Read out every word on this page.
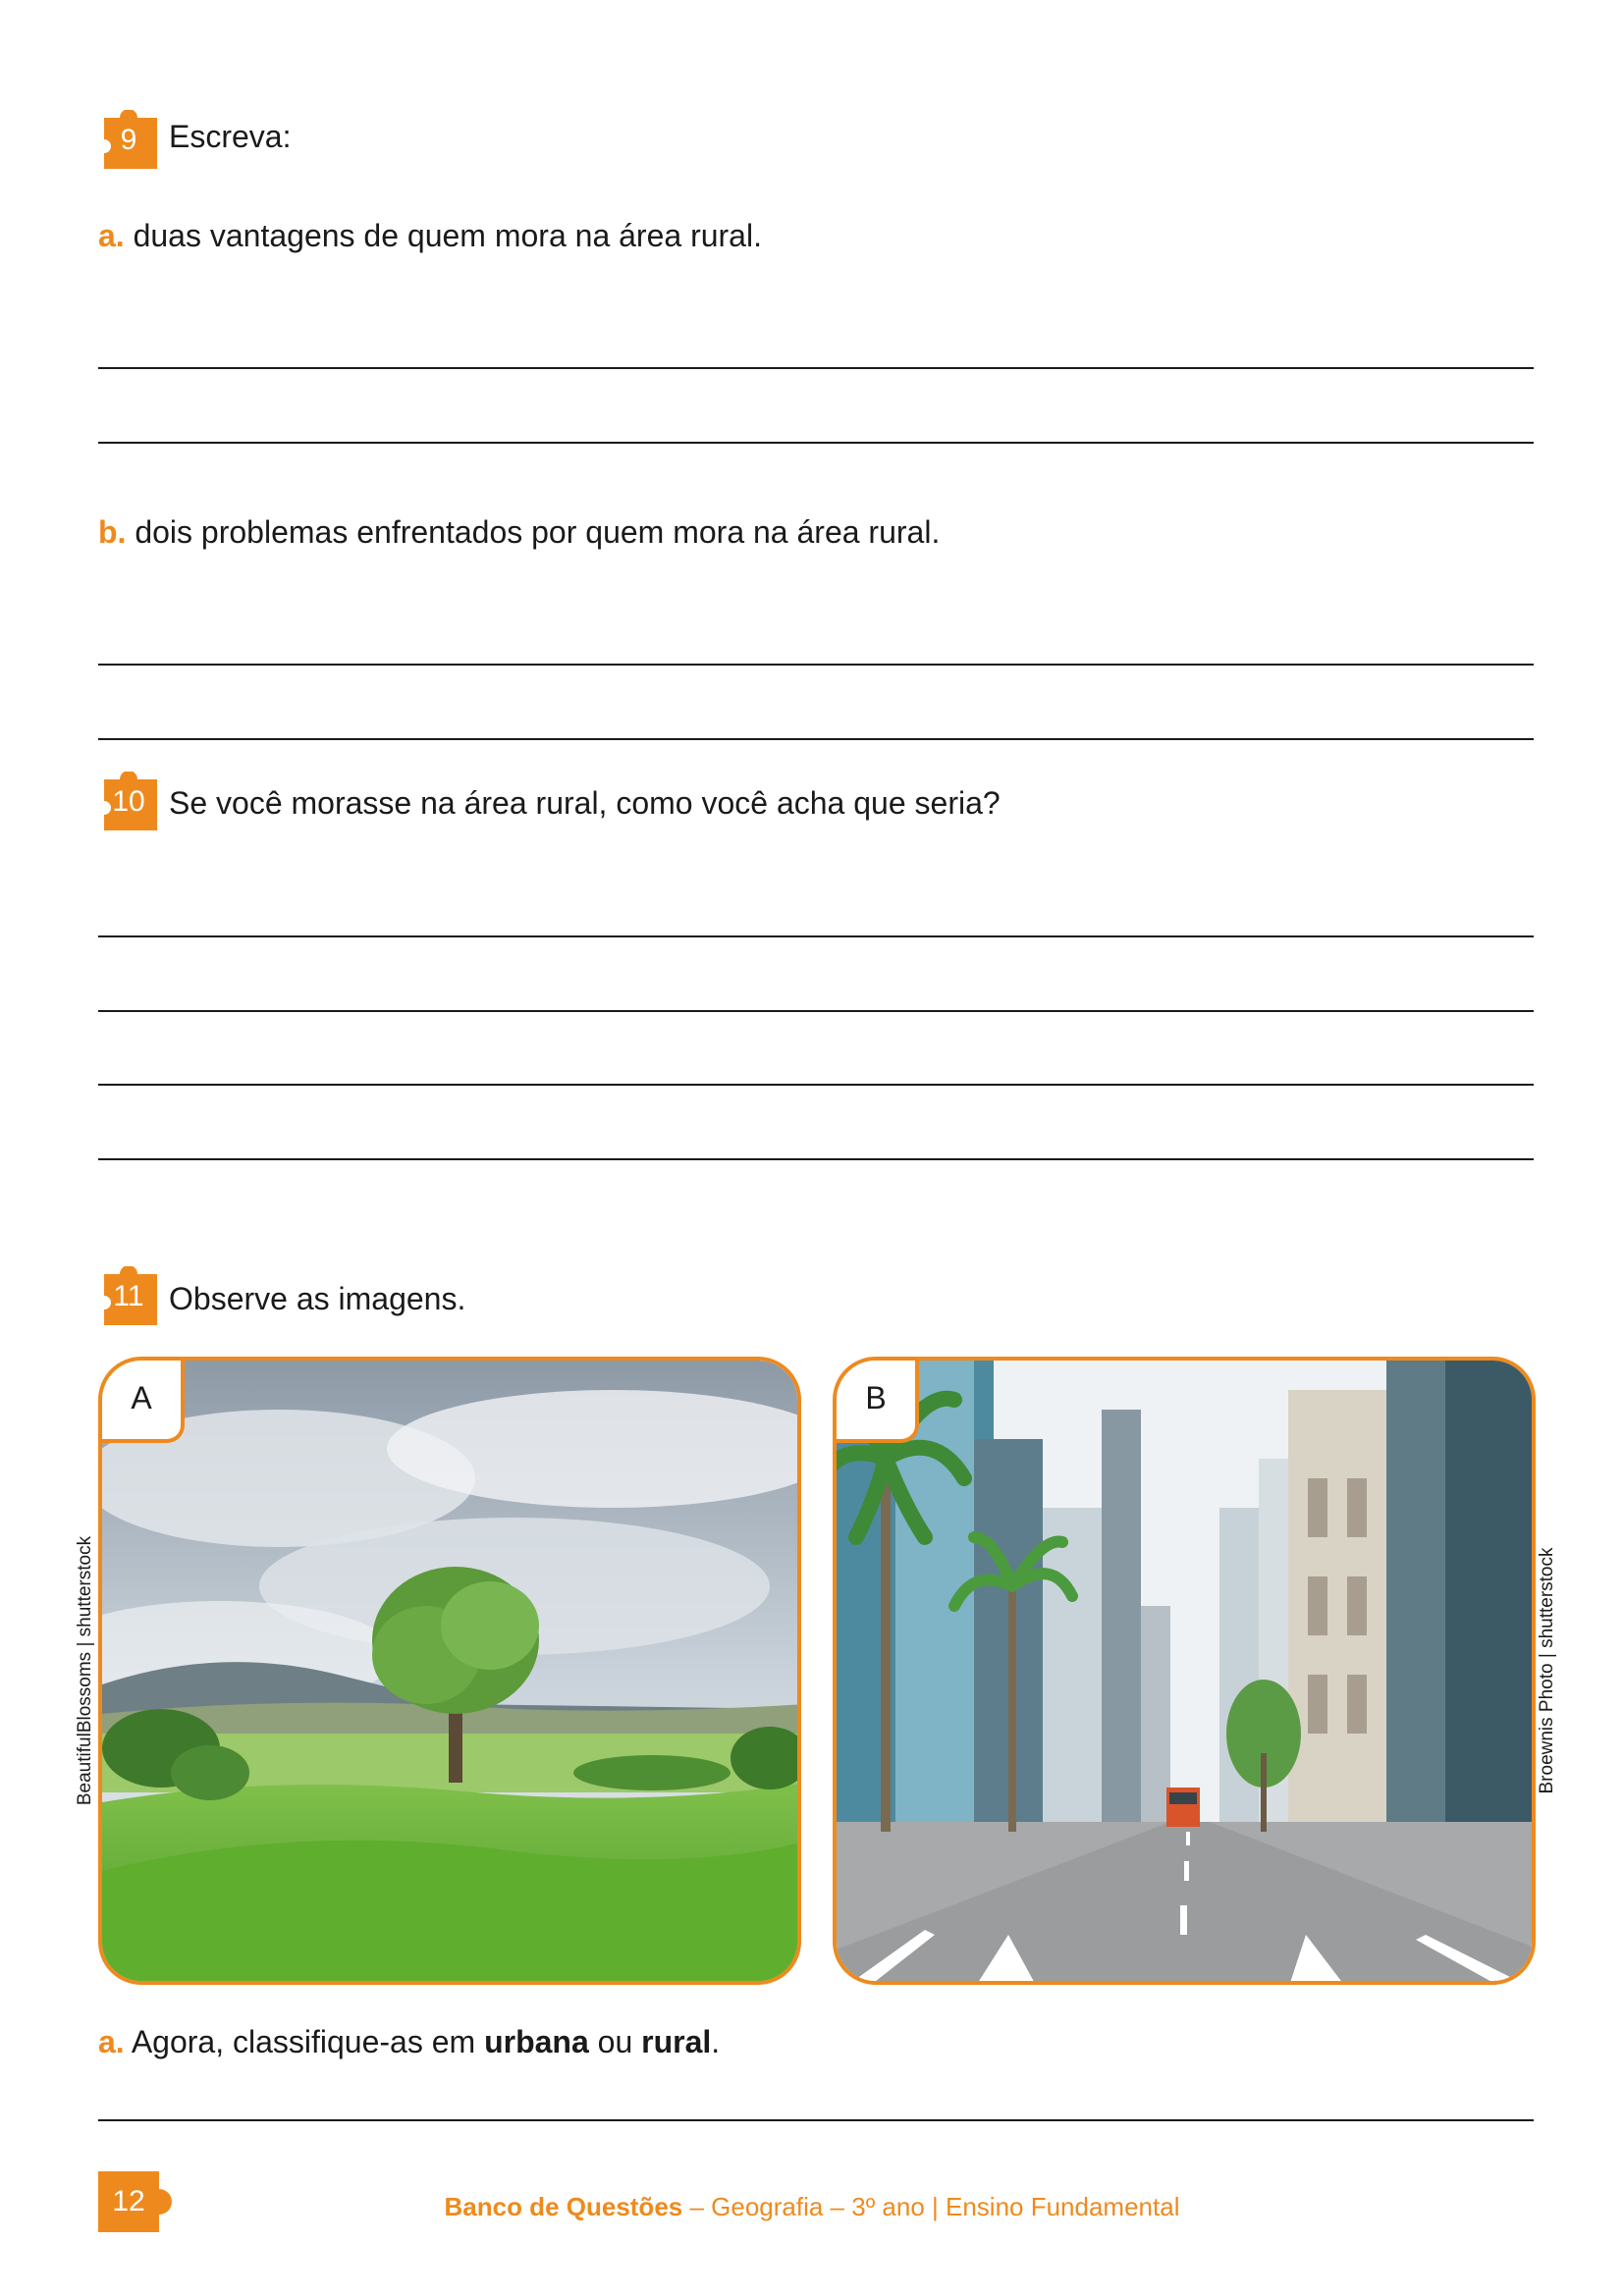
9	Escreva:
a. duas vantagens de quem mora na área rural.
b. dois problemas enfrentados por quem mora na área rural.
10 Se você morasse na área rural, como você acha que seria?
11 Observe as imagens.
A	B
BeautifulBlossoms | shutterstock	Broewnis Photo | shutterstock
a. Agora, classifique-as em urbana ou rural.
12	Banco de Questões – Geografia – 3º ano | Ensino Fundamental
